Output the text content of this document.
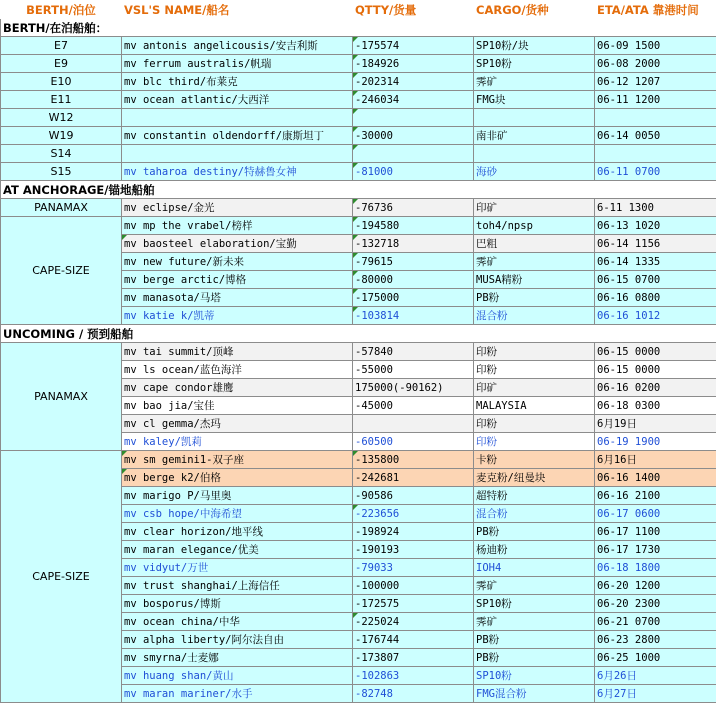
BERTH/泊位	VSL'S NAME/船名	QTTY/货量	CARGO/货种	ETA/ATA 靠港时间
BERTH/在泊船舶：				
E7	mv antonis angelicousis/安吉利斯	-175574	SP10粉/块	06-09 1500
E9	mv ferrum australis/帆瑞	-184926	SP10粉	06-08 2000
E10	mv blc third/布莱克	-202314	霁矿	06-12 1207
E11	mv ocean atlantic/大西洋	-246034	FMG块	06-11 1200
W12				
W19	mv constantin oldendorff/康斯坦丁	-30000	南非矿	06-14 0050
S14				
S15	mv taharoa destiny/特赫鲁女神	-81000	海砂	06-11 0700
AT ANCHORAGE/锚地船舶				
PANAMAX	mv eclipse/金光	-76736	印矿	6-11 1300
CAPE-SIZE	mv mp the vrabel/榜样	-194580	toh4/npsp	06-13 1020
	mv baosteel elaboration/宝勤	-132718	巴粗	06-14 1156
	mv new future/新未来	-79615	霁矿	06-14 1335
	mv berge arctic/博格	-80000	MUSA精粉	06-15 0700
	mv manasota/马塔	-175000	PB粉	06-16 0800
	mv katie k/凯蒂	-103814	混合粉	06-16 1012
UNCOMING / 预到船舶				
PANAMAX	mv tai summit/顶峰	-57840	印粉	06-15 0000
	mv ls ocean/蓝色海洋	-55000	印粉	06-15 0000
	mv cape condor雄鹰	175000(-90162)	印矿	06-16 0200
	mv bao jia/宝佳	-45000	MALAYSIA	06-18 0300
	mv cl gemma/杰玛		印粉	6月19日
	mv kaley/凯莉	-60500	印粉	06-19 1900
CAPE-SIZE	mv sm gemini1-双子座	-135800	卡粉	6月16日
	mv berge k2/伯格	-242681	麦克粉/纽曼块	06-16 1400
	mv marigo P/马里奥	-90586	超特粉	06-16 2100
	mv csb hope/中海希望	-223656	混合粉	06-17 0600
	mv clear horizon/地平线	-198924	PB粉	06-17 1100
	mv maran elegance/优美	-190193	杨迪粉	06-17 1730
	mv vidyut/万世	-79033	IOH4	06-18 1800
	mv trust shanghai/上海信任	-100000	霁矿	06-20 1200
	mv bosporus/博斯	-172575	SP10粉	06-20 2300
	mv ocean china/中华	-225024	霁矿	06-21 0700
	mv alpha liberty/阿尔法自由	-176744	PB粉	06-23 2800
	mv smyrna/士麦娜	-173807	PB粉	06-25 1000
	mv huang shan/黄山	-102863	SP10粉	6月26日
	mv maran mariner/水手	-82748	FMG混合粉	6月27日
